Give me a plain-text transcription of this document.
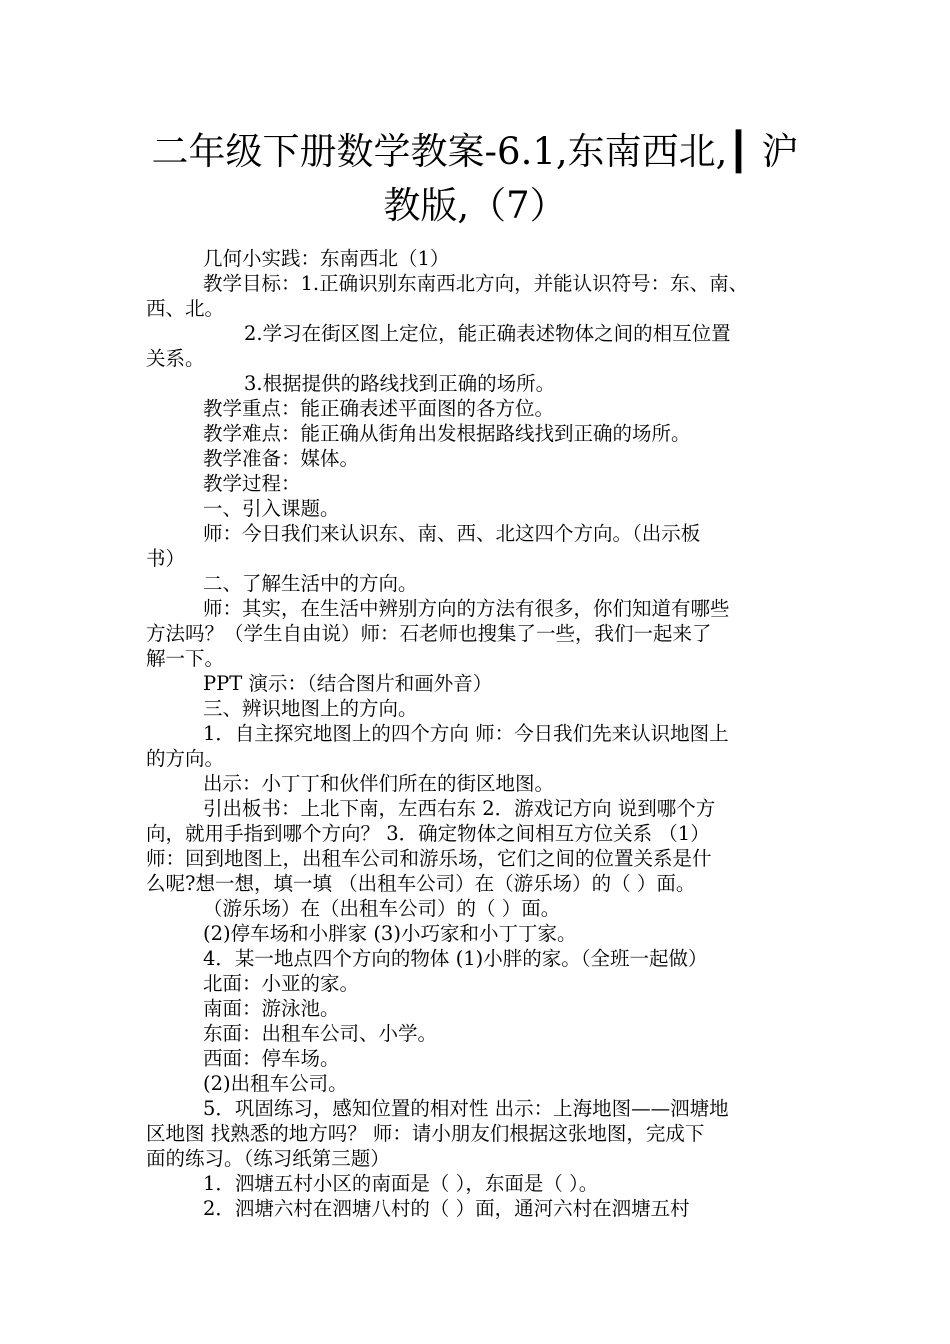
二年级下册数学教案-6.1,东南西北,┃ 沪
教版,（7）
几何小实践：东南西北（1）
教学目标：1.正确识别东南西北方向，并能认识符号：东、南、
西、北。
2.学习在街区图上定位，能正确表述物体之间的相互位置
关系。
3.根据提供的路线找到正确的场所。
教学重点：能正确表述平面图的各方位。
教学难点：能正确从街角出发根据路线找到正确的场所。
教学准备：媒体。
教学过程：
一、引入课题。
师：今日我们来认识东、南、西、北这四个方向。（出示板
书）
二、了解生活中的方向。
师：其实，在生活中辨别方向的方法有很多，你们知道有哪些
方法吗？（学生自由说）师：石老师也搜集了一些，我们一起来了
解一下。
PPT 演示：（结合图片和画外音）
三、辨识地图上的方向。
1．自主探究地图上的四个方向 师：今日我们先来认识地图上
的方向。
出示：小丁丁和伙伴们所在的街区地图。
引出板书：上北下南，左西右东 2．游戏记方向 说到哪个方
向，就用手指到哪个方向？ 3．确定物体之间相互方位关系 （1）
师：回到地图上，出租车公司和游乐场，它们之间的位置关系是什
么呢?想一想，填一填 （出租车公司）在（游乐场）的（ ）面。
（游乐场）在（出租车公司）的（ ）面。
(2)停车场和小胖家 (3)小巧家和小丁丁家。
4．某一地点四个方向的物体 (1)小胖的家。（全班一起做）
北面：小亚的家。
南面：游泳池。
东面：出租车公司、小学。
西面：停车场。
(2)出租车公司。
5．巩固练习，感知位置的相对性 出示：上海地图——泗塘地
区地图 找熟悉的地方吗？ 师：请小朋友们根据这张地图，完成下
面的练习。（练习纸第三题）
1．泗塘五村小区的南面是（ ），东面是（ ）。
2．泗塘六村在泗塘八村的（ ）面，通河六村在泗塘五村
